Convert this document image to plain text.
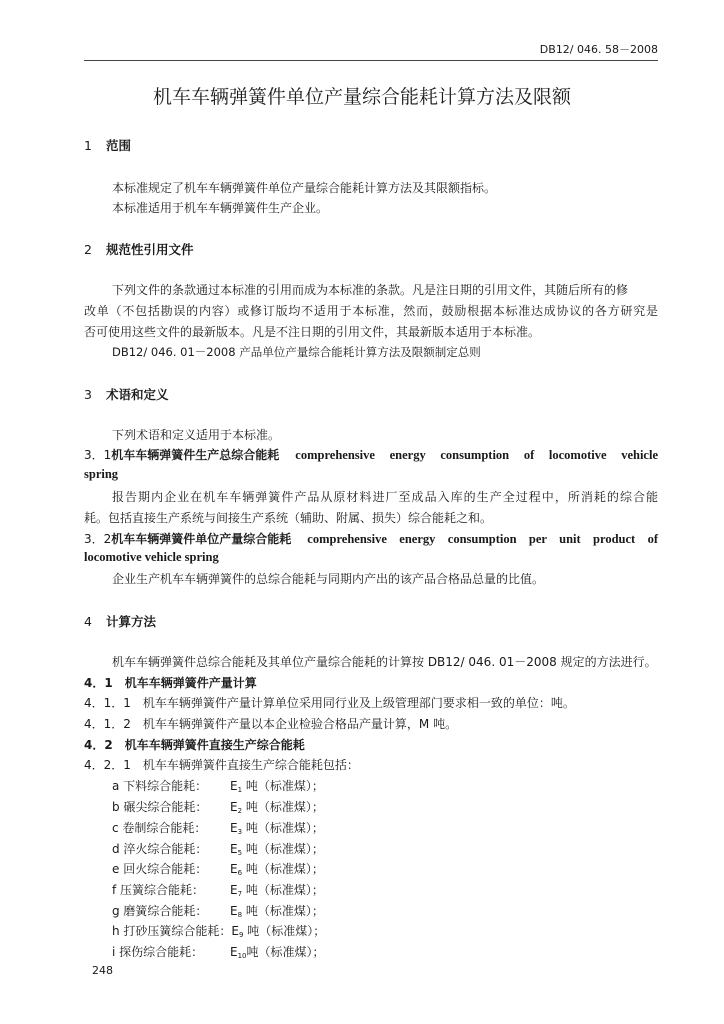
DB12/ 046. 58－2008
机车车辆弹簧件单位产量综合能耗计算方法及限额
1 范围
本标准规定了机车车辆弹簧件单位产量综合能耗计算方法及其限额指标。
本标准适用于机车车辆弹簧件生产企业。
2 规范性引用文件
下列文件的条款通过本标准的引用而成为本标准的条款。凡是注日期的引用文件，其随后所有的修
改单（不包括勘误的内容）或修订版均不适用于本标准，然而，鼓励根据本标准达成协议的各方研究是
否可使用这些文件的最新版本。凡是不注日期的引用文件，其最新版本适用于本标准。
DB12/ 046. 01－2008 产品单位产量综合能耗计算方法及限额制定总则
3 术语和定义
下列术语和定义适用于本标准。
3．1 机车车辆弹簧件生产总综合能耗 comprehensive energy consumption of locomotive vehicle
spring
报告期内企业在机车车辆弹簧件产品从原材料进厂至成品入库的生产全过程中，所消耗的综合能
耗。包括直接生产系统与间接生产系统（辅助、附属、损失）综合能耗之和。
3．2 机车车辆弹簧件单位产量综合能耗 comprehensive energy consumption per unit product of
locomotive vehicle spring
企业生产机车车辆弹簧件的总综合能耗与同期内产出的该产品合格品总量的比值。
4 计算方法
机车车辆弹簧件总综合能耗及其单位产量综合能耗的计算按 DB12/ 046. 01－2008 规定的方法进行。
4．1　机车车辆弹簧件产量计算
4．1．1　机车车辆弹簧件产量计算单位采用同行业及上级管理部门要求相一致的单位：吨。
4．1．2　机车车辆弹簧件产量以本企业检验合格品产量计算，M 吨。
4．2　机车车辆弹簧件直接生产综合能耗
4．2．1　机车车辆弹簧件直接生产综合能耗包括：
a 下料综合能耗： $E_1$ 吨（标准煤）；
b 碾尖综合能耗： $E_2$ 吨（标准煤）；
c 卷制综合能耗： $E_3$ 吨（标准煤）；
d 淬火综合能耗： $E_5$ 吨（标准煤）；
e 回火综合能耗： $E_6$ 吨（标准煤）；
f 压簧综合能耗： $E_7$ 吨（标准煤）；
g 磨簧综合能耗： $E_8$ 吨（标准煤）；
h 打砂压簧综合能耗：$E_9$ 吨（标准煤）；
i 探伤综合能耗： $E_{10}$吨（标准煤）；
248
